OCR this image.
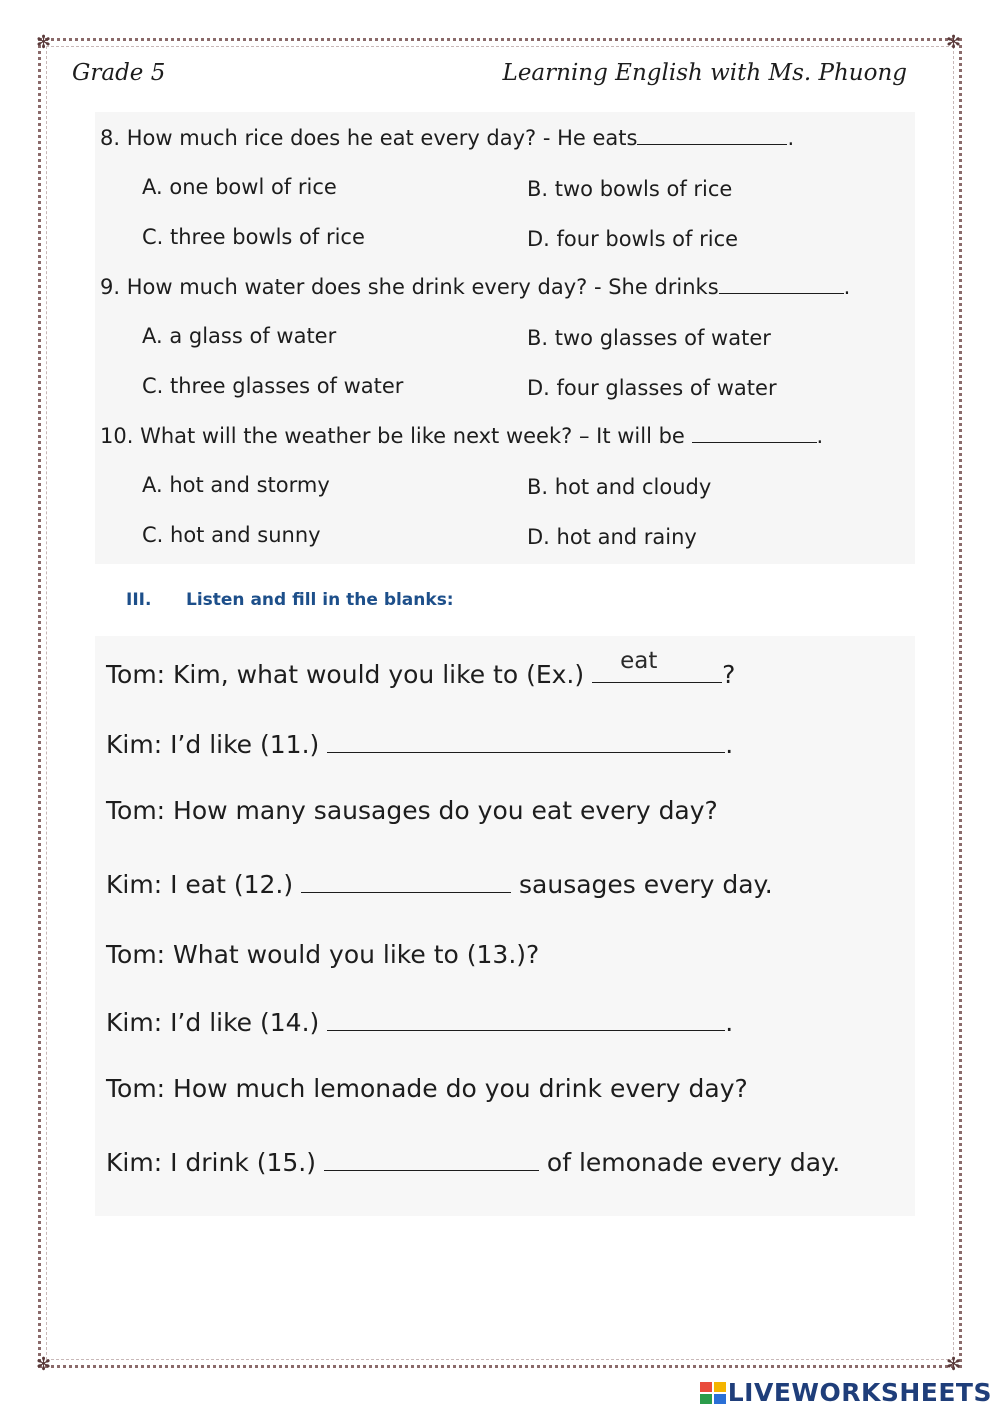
✻	✻
✻	✻
Grade 5	Learning English with Ms. Phuong
8. How much rice does he eat every day? - He eats	.
A. one bowl of rice	B. two bowls of rice
C. three bowls of rice	D. four bowls of rice
9. How much water does she drink every day? - She drinks	.
A. a glass of water	B. two glasses of water
C. three glasses of water	D. four glasses of water
10. What will the weather be like next week? – It will be	.
A. hot and stormy	B. hot and cloudy
C. hot and sunny	D. hot and rainy
III. Listen and fill in the blanks:
Tom: Kim, what would you like to (Ex.) eat	?
Kim: I’d like (11.)	.
Tom: How many sausages do you eat every day?
Kim: I eat (12.)	sausages every day.
Tom: What would you like to (13.)?
Kim: I’d like (14.)	.
Tom: How much lemonade do you drink every day?
Kim: I drink (15.)	of lemonade every day.
LIVEWORKSHEETS
